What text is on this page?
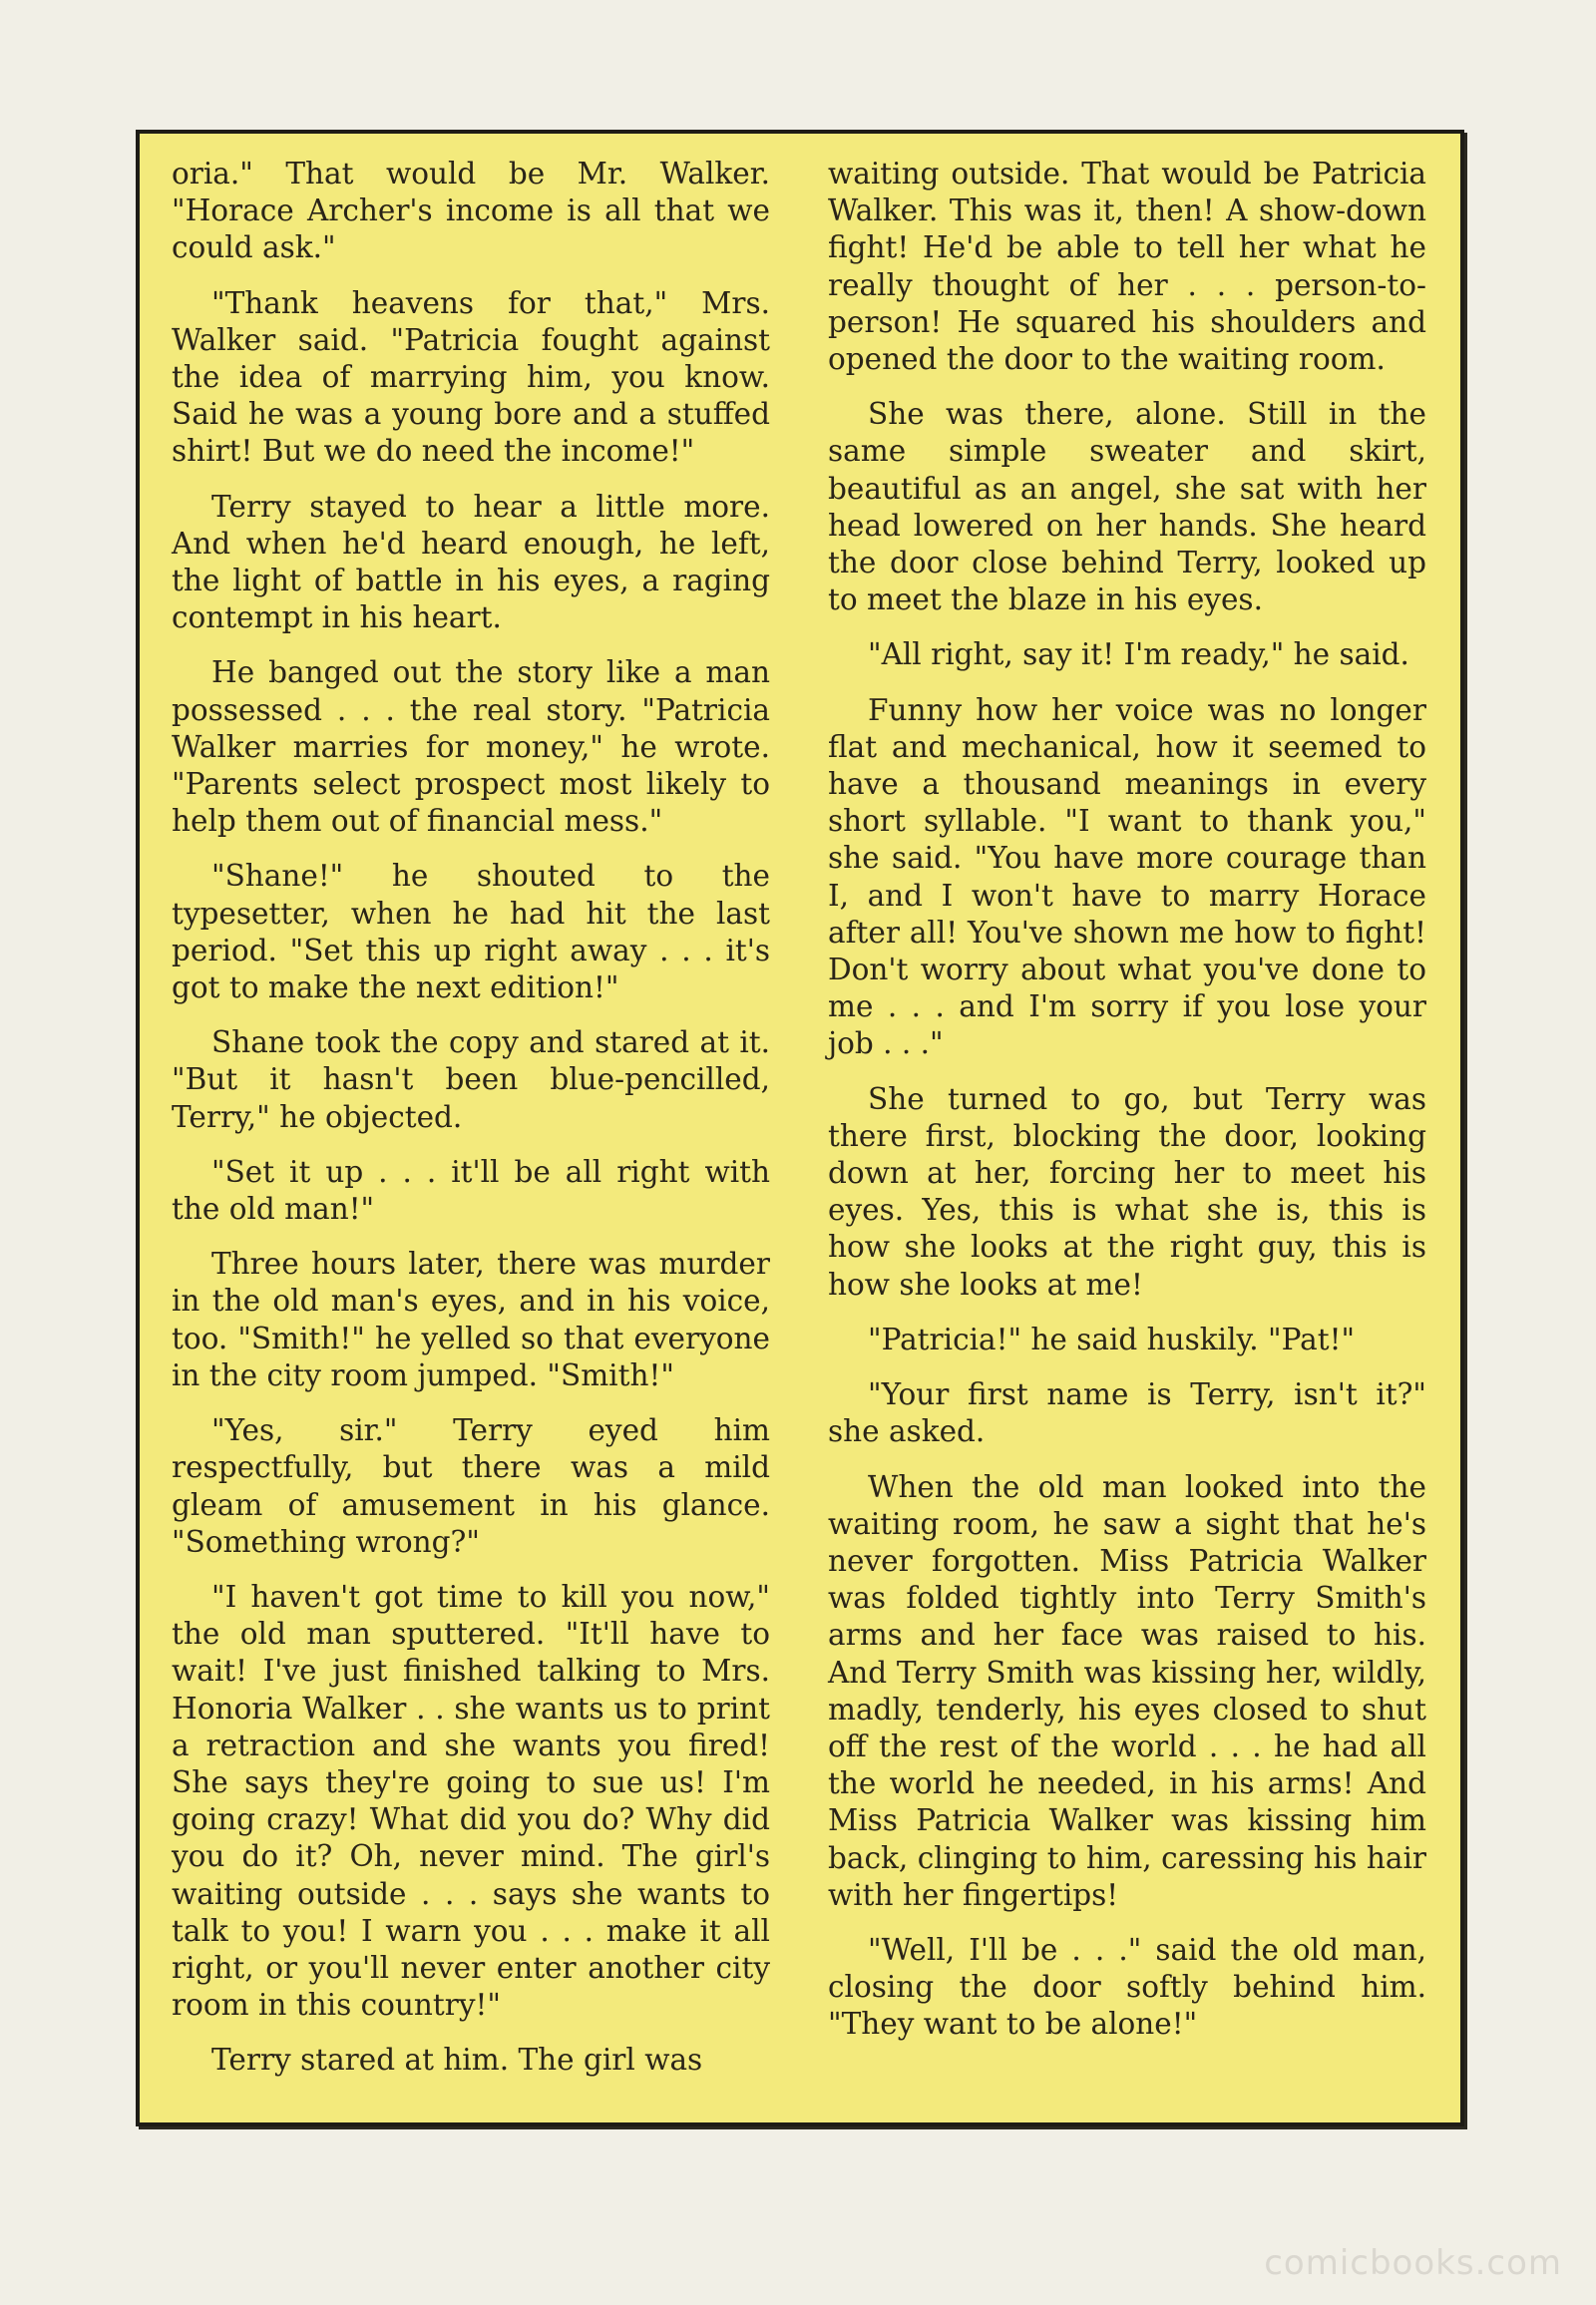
oria." That would be Mr. Walker. "Horace Archer's income is all that we could ask."

"Thank heavens for that," Mrs. Walker said. "Patricia fought against the idea of marrying him, you know. Said he was a young bore and a stuffed shirt! But we do need the income!"

Terry stayed to hear a little more. And when he'd heard enough, he left, the light of battle in his eyes, a raging contempt in his heart.

He banged out the story like a man possessed . . . the real story. "Patricia Walker marries for money," he wrote. "Parents select prospect most likely to help them out of financial mess."

"Shane!" he shouted to the typesetter, when he had hit the last period. "Set this up right away . . . it's got to make the next edition!"

Shane took the copy and stared at it. "But it hasn't been blue-pencilled, Terry," he objected.

"Set it up . . . it'll be all right with the old man!"

Three hours later, there was murder in the old man's eyes, and in his voice, too. "Smith!" he yelled so that everyone in the city room jumped. "Smith!"

"Yes, sir." Terry eyed him respectfully, but there was a mild gleam of amusement in his glance. "Something wrong?"

"I haven't got time to kill you now," the old man sputtered. "It'll have to wait! I've just finished talking to Mrs. Honoria Walker . . she wants us to print a retraction and she wants you fired! She says they're going to sue us! I'm going crazy! What did you do? Why did you do it? Oh, never mind. The girl's waiting outside . . . says she wants to talk to you! I warn you . . . make it all right, or you'll never enter another city room in this country!"

Terry stared at him. The girl was

waiting outside. That would be Patricia Walker. This was it, then! A show-down fight! He'd be able to tell her what he really thought of her . . . person-to-person! He squared his shoulders and opened the door to the waiting room.

She was there, alone. Still in the same simple sweater and skirt, beautiful as an angel, she sat with her head lowered on her hands. She heard the door close behind Terry, looked up to meet the blaze in his eyes.

"All right, say it! I'm ready," he said.

Funny how her voice was no longer flat and mechanical, how it seemed to have a thousand meanings in every short syllable. "I want to thank you," she said. "You have more courage than I, and I won't have to marry Horace after all! You've shown me how to fight! Don't worry about what you've done to me . . . and I'm sorry if you lose your job . . ."

She turned to go, but Terry was there first, blocking the door, looking down at her, forcing her to meet his eyes. Yes, this is what she is, this is how she looks at the right guy, this is how she looks at me!

"Patricia!" he said huskily. "Pat!"

"Your first name is Terry, isn't it?" she asked.

When the old man looked into the waiting room, he saw a sight that he's never forgotten. Miss Patricia Walker was folded tightly into Terry Smith's arms and her face was raised to his. And Terry Smith was kissing her, wildly, madly, tenderly, his eyes closed to shut off the rest of the world . . . he had all the world he needed, in his arms! And Miss Patricia Walker was kissing him back, clinging to him, caressing his hair with her fingertips!

"Well, I'll be . . ." said the old man, closing the door softly behind him. "They want to be alone!"

comicbooks.com
